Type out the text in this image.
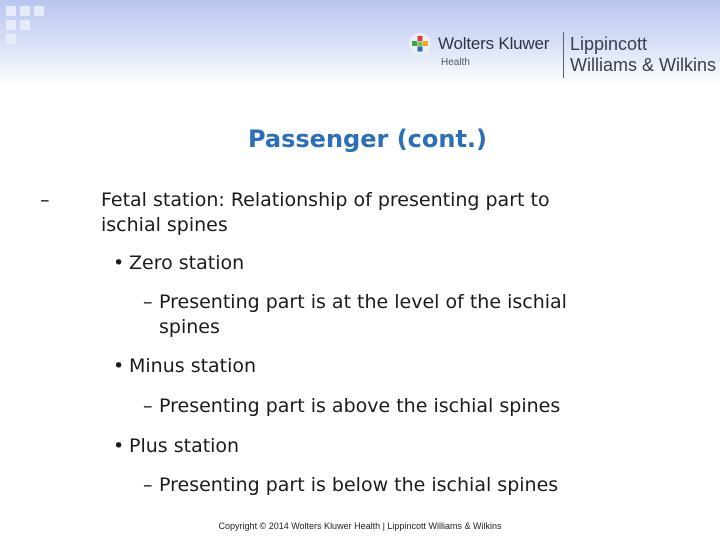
Wolters Kluwer
Health
Lippincott
Williams & Wilkins
Passenger (cont.)
–	Fetal station: Relationship of presenting part to
ischial spines
• Zero station
– Presenting part is at the level of the ischial
spines
• Minus station
– Presenting part is above the ischial spines
• Plus station
– Presenting part is below the ischial spines
Copyright © 2014 Wolters Kluwer Health | Lippincott Williams & Wilkins
